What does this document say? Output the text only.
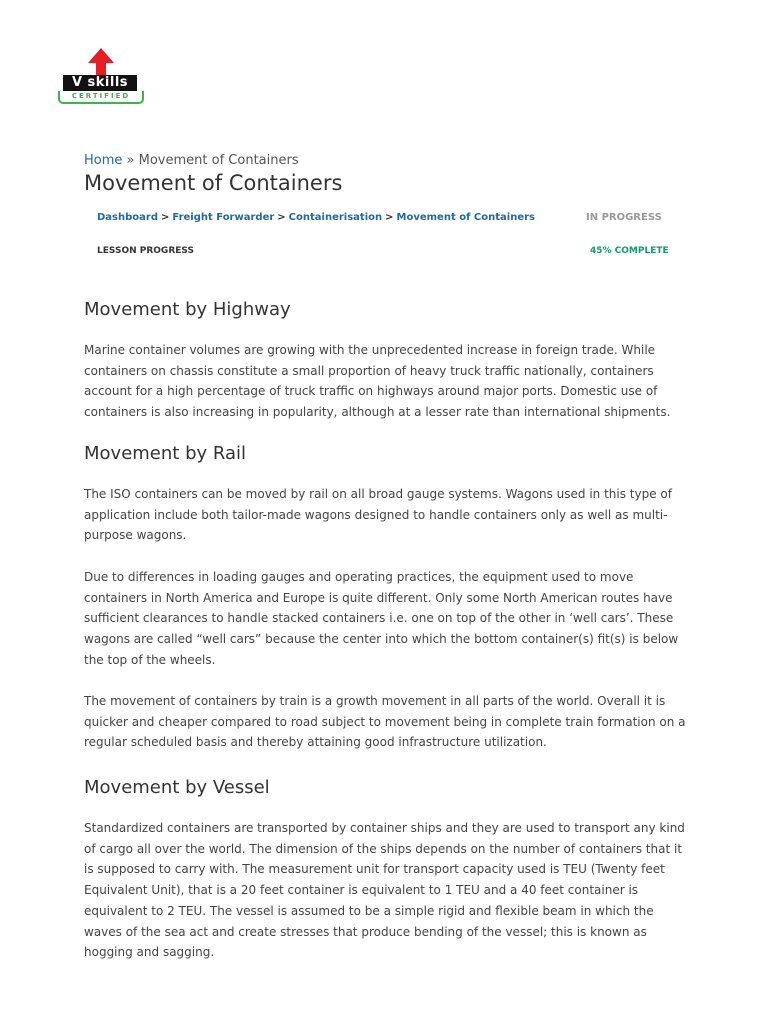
V skills
CERTIFIED
Home » Movement of Containers
Movement of Containers
Dashboard > Freight Forwarder > Containerisation > Movement of Containers	IN PROGRESS
LESSON PROGRESS	45% COMPLETE
Movement by Highway

Marine container volumes are growing with the unprecedented increase in foreign trade. While containers on chassis constitute a small proportion of heavy truck traffic nationally, containers account for a high percentage of truck traffic on highways around major ports. Domestic use of containers is also increasing in popularity, although at a lesser rate than international shipments.

Movement by Rail

The ISO containers can be moved by rail on all broad gauge systems. Wagons used in this type of application include both tailor-made wagons designed to handle containers only as well as multi-purpose wagons.

Due to differences in loading gauges and operating practices, the equipment used to move containers in North America and Europe is quite different. Only some North American routes have sufficient clearances to handle stacked containers i.e. one on top of the other in ‘well cars’. These wagons are called “well cars” because the center into which the bottom container(s) fit(s) is below the top of the wheels.

The movement of containers by train is a growth movement in all parts of the world. Overall it is quicker and cheaper compared to road subject to movement being in complete train formation on a regular scheduled basis and thereby attaining good infrastructure utilization.

Movement by Vessel

Standardized containers are transported by container ships and they are used to transport any kind of cargo all over the world. The dimension of the ships depends on the number of containers that it is supposed to carry with. The measurement unit for transport capacity used is TEU (Twenty feet Equivalent Unit), that is a 20 feet container is equivalent to 1 TEU and a 40 feet container is equivalent to 2 TEU. The vessel is assumed to be a simple rigid and flexible beam in which the waves of the sea act and create stresses that produce bending of the vessel; this is known as hogging and sagging.
